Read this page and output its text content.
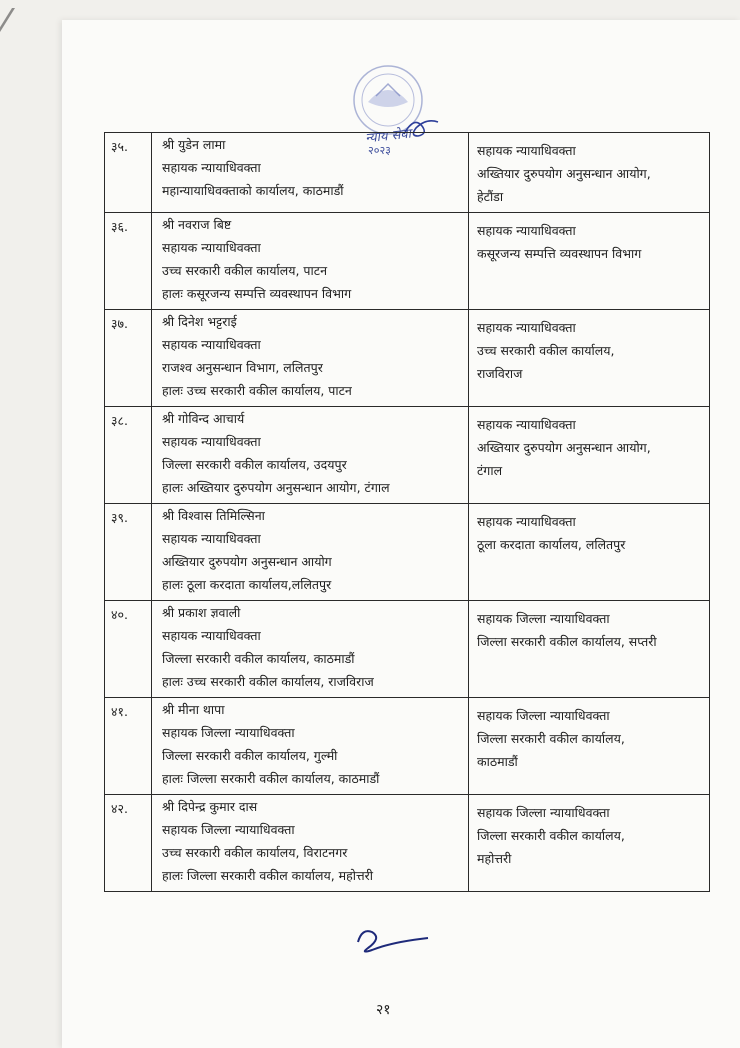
न्याय सेवा
२०२३
३५.	श्री युडेन लामा
सहायक न्यायाधिवक्ता
महान्यायाधिवक्ताको कार्यालय, काठमाडौं	सहायक न्यायाधिवक्ता
अख्तियार दुरुपयोग अनुसन्धान आयोग,
हेटौंडा

३६.	श्री नवराज बिष्ट
सहायक न्यायाधिवक्ता
उच्च सरकारी वकील कार्यालय, पाटन
हालः कसूरजन्य सम्पत्ति व्यवस्थापन विभाग	सहायक न्यायाधिवक्ता
कसूरजन्य सम्पत्ति व्यवस्थापन विभाग

३७.	श्री दिनेश भट्टराई
सहायक न्यायाधिवक्ता
राजश्व अनुसन्धान विभाग, ललितपुर
हालः उच्च सरकारी वकील कार्यालय, पाटन	सहायक न्यायाधिवक्ता
उच्च सरकारी वकील कार्यालय,
राजविराज

३८.	श्री गोविन्द आचार्य
सहायक न्यायाधिवक्ता
जिल्ला सरकारी वकील कार्यालय, उदयपुर
हालः अख्तियार दुरुपयोग अनुसन्धान आयोग, टंगाल	सहायक न्यायाधिवक्ता
अख्तियार दुरुपयोग अनुसन्धान आयोग,
टंगाल

३९.	श्री विश्वास तिमिल्सिना
सहायक न्यायाधिवक्ता
अख्तियार दुरुपयोग अनुसन्धान आयोग
हालः ठूला करदाता कार्यालय,ललितपुर	सहायक न्यायाधिवक्ता
ठूला करदाता कार्यालय, ललितपुर

४०.	श्री प्रकाश ज्ञवाली
सहायक न्यायाधिवक्ता
जिल्ला सरकारी वकील कार्यालय, काठमाडौं
हालः उच्च सरकारी वकील कार्यालय, राजविराज	सहायक जिल्ला न्यायाधिवक्ता
जिल्ला सरकारी वकील कार्यालय, सप्तरी

४१.	श्री मीना थापा
सहायक जिल्ला न्यायाधिवक्ता
जिल्ला सरकारी वकील कार्यालय, गुल्मी
हालः जिल्ला सरकारी वकील कार्यालय, काठमाडौं	सहायक जिल्ला न्यायाधिवक्ता
जिल्ला सरकारी वकील कार्यालय,
काठमाडौं

४२.	श्री दिपेन्द्र कुमार दास
सहायक जिल्ला न्यायाधिवक्ता
उच्च सरकारी वकील कार्यालय, विराटनगर
हालः जिल्ला सरकारी वकील कार्यालय, महोत्तरी	सहायक जिल्ला न्यायाधिवक्ता
जिल्ला सरकारी वकील कार्यालय,
महोत्तरी
२१
